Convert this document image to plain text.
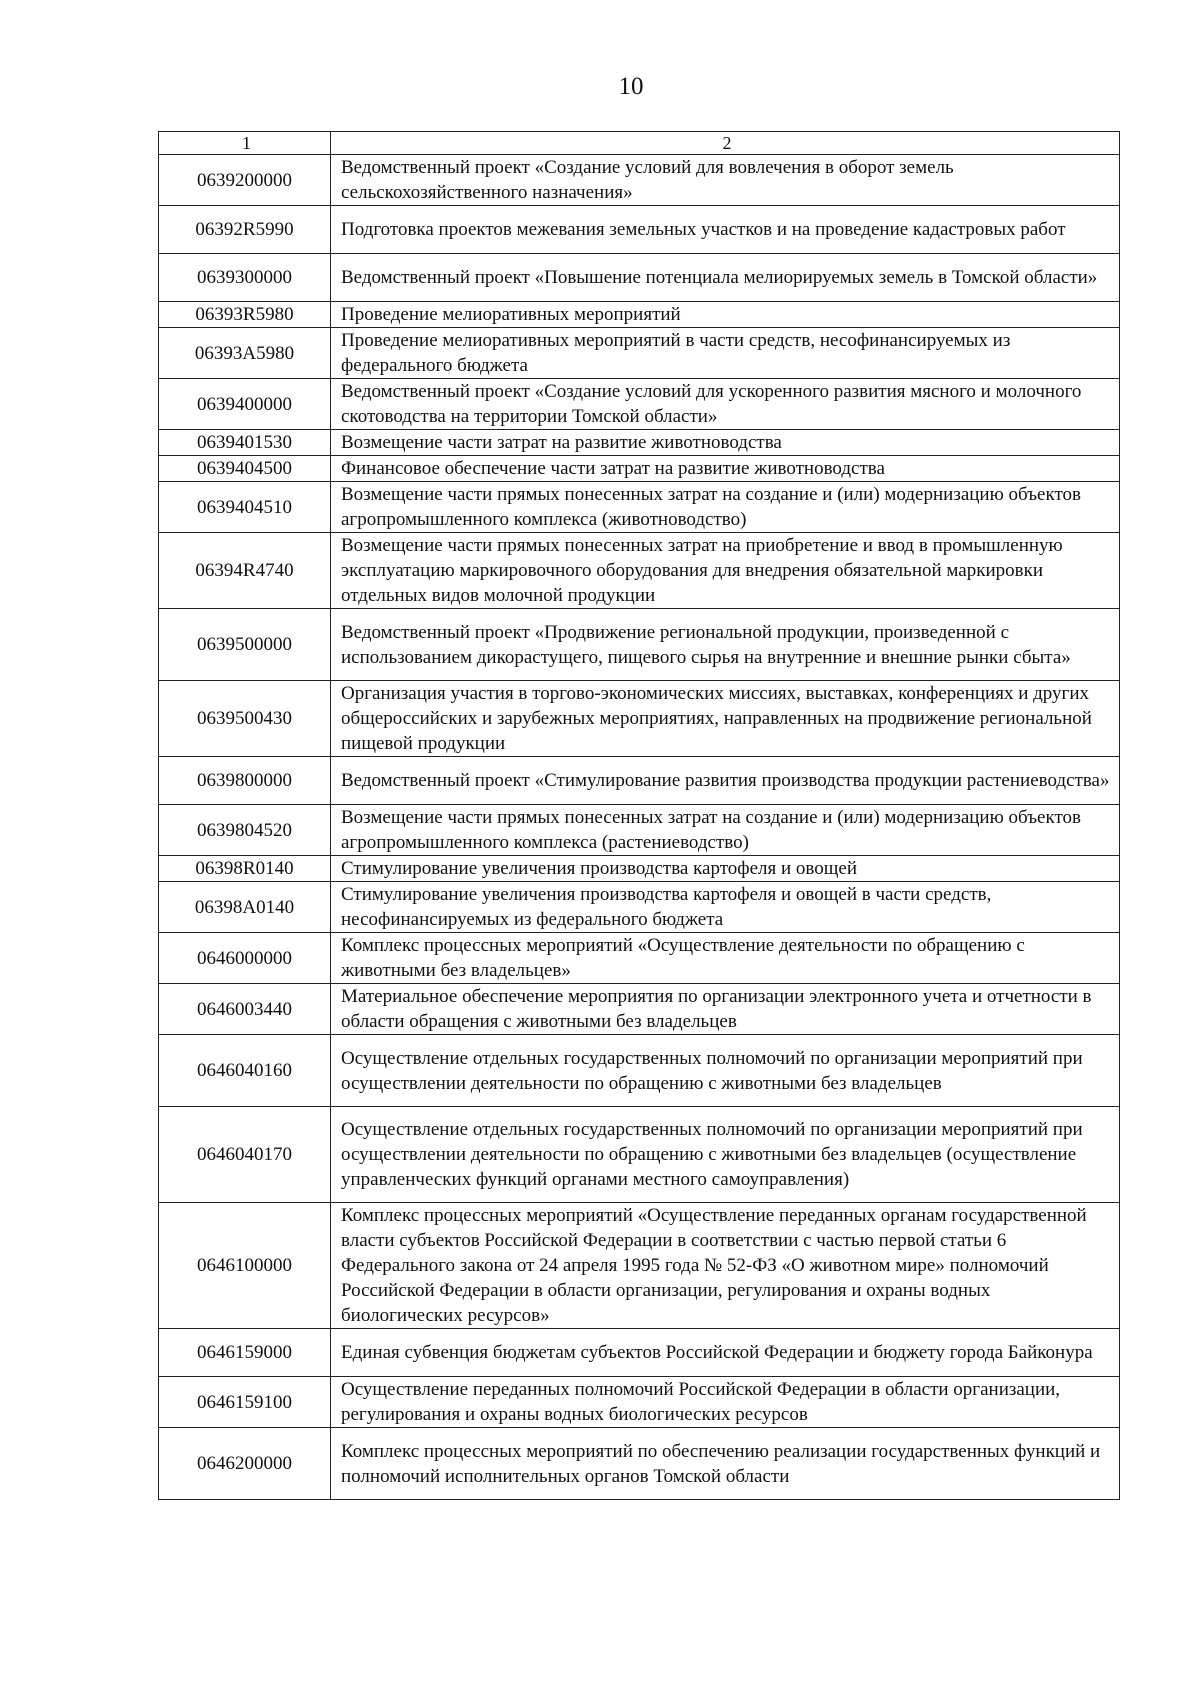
10
1	2
0639200000	Ведомственный проект «Создание условий для вовлечения в оборот земель сельскохозяйственного назначения»
06392R5990	Подготовка проектов межевания земельных участков и на проведение кадастровых работ
0639300000	Ведомственный проект «Повышение потенциала мелиорируемых земель в Томской области»
06393R5980	Проведение мелиоративных мероприятий
06393А5980	Проведение мелиоративных мероприятий в части средств, несофинансируемых из федерального бюджета
0639400000	Ведомственный проект «Создание условий для ускоренного развития мясного и молочного скотоводства на территории Томской области»
0639401530	Возмещение части затрат на развитие животноводства
0639404500	Финансовое обеспечение части затрат на развитие животноводства
0639404510	Возмещение части прямых понесенных затрат на создание и (или) модернизацию объектов агропромышленного комплекса (животноводство)
06394R4740	Возмещение части прямых понесенных затрат на приобретение и ввод в промышленную эксплуатацию маркировочного оборудования для внедрения обязательной маркировки отдельных видов молочной продукции
0639500000	Ведомственный проект «Продвижение региональной продукции, произведенной с использованием дикорастущего, пищевого сырья на внутренние и внешние рынки сбыта»
0639500430	Организация участия в торгово-экономических миссиях, выставках, конференциях и других общероссийских и зарубежных мероприятиях, направленных на продвижение региональной пищевой продукции
0639800000	Ведомственный проект «Стимулирование развития производства продукции растениеводства»
0639804520	Возмещение части прямых понесенных затрат на создание и (или) модернизацию объектов агропромышленного комплекса (растениеводство)
06398R0140	Стимулирование увеличения производства картофеля и овощей
06398А0140	Стимулирование увеличения производства картофеля и овощей в части средств, несофинансируемых из федерального бюджета
0646000000	Комплекс процессных мероприятий «Осуществление деятельности по обращению с животными без владельцев»
0646003440	Материальное обеспечение мероприятия по организации электронного учета и отчетности в области обращения с животными без владельцев
0646040160	Осуществление отдельных государственных полномочий по организации мероприятий при осуществлении деятельности по обращению с животными без владельцев
0646040170	Осуществление отдельных государственных полномочий по организации мероприятий при осуществлении деятельности по обращению с животными без владельцев (осуществление управленческих функций органами местного самоуправления)
0646100000	Комплекс процессных мероприятий «Осуществление переданных органам государственной власти субъектов Российской Федерации в соответствии с частью первой статьи 6 Федерального закона от 24 апреля 1995 года № 52-ФЗ «О животном мире» полномочий Российской Федерации в области организации, регулирования и охраны водных биологических ресурсов»
0646159000	Единая субвенция бюджетам субъектов Российской Федерации и бюджету города Байконура
0646159100	Осуществление переданных полномочий Российской Федерации в области организации, регулирования и охраны водных биологических ресурсов
0646200000	Комплекс процессных мероприятий по обеспечению реализации государственных функций и полномочий исполнительных органов Томской области
